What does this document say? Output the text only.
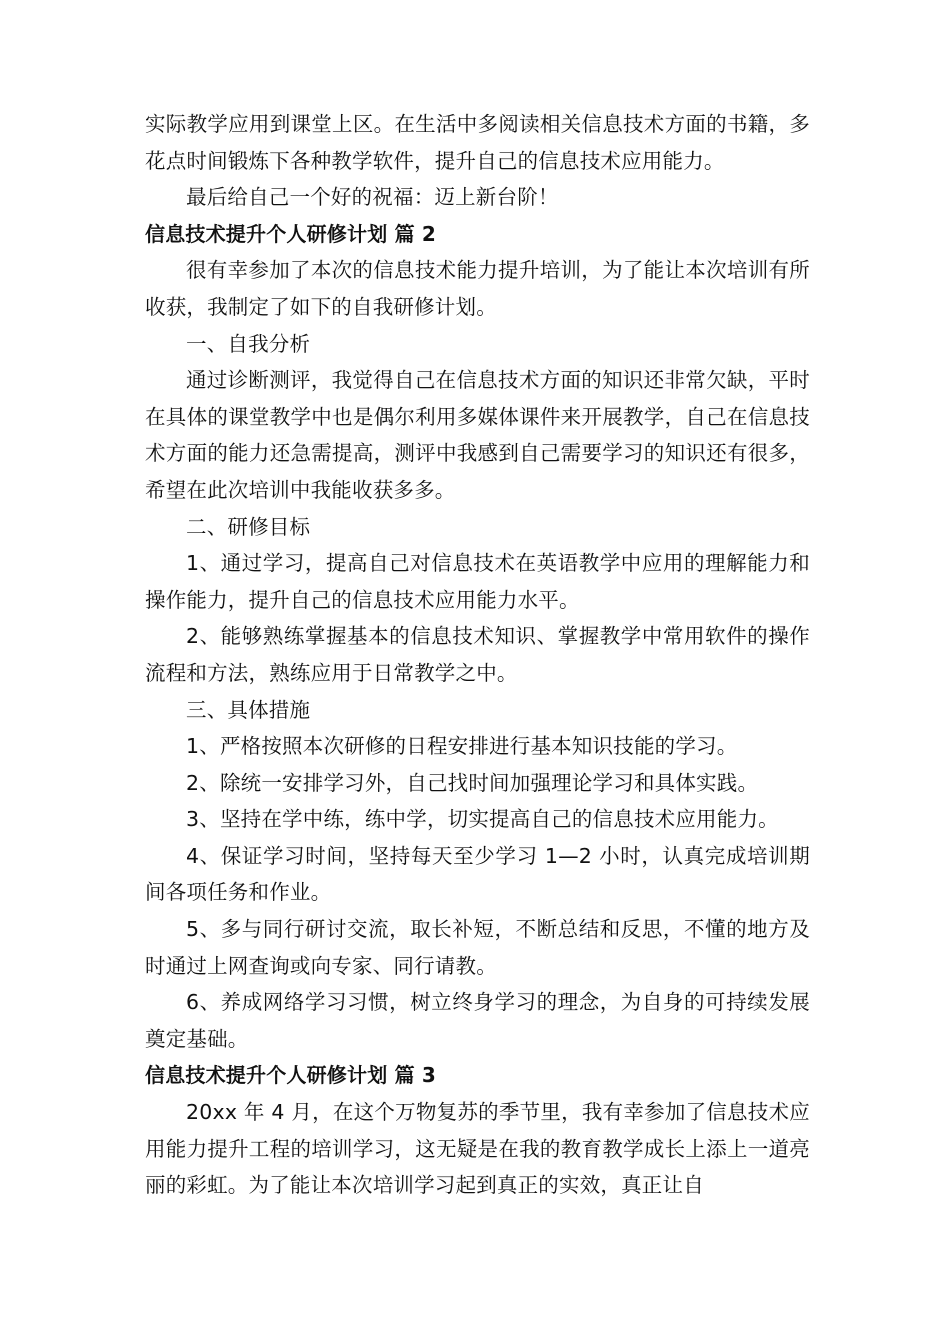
实际教学应用到课堂上区。在生活中多阅读相关信息技术方面的书籍，多花点时间锻炼下各种教学软件，提升自己的信息技术应用能力。

最后给自己一个好的祝福：迈上新台阶！

信息技术提升个人研修计划 篇 2

很有幸参加了本次的信息技术能力提升培训，为了能让本次培训有所收获，我制定了如下的自我研修计划。

一、自我分析

通过诊断测评，我觉得自己在信息技术方面的知识还非常欠缺，平时在具体的课堂教学中也是偶尔利用多媒体课件来开展教学，自己在信息技术方面的能力还急需提高，测评中我感到自己需要学习的知识还有很多，希望在此次培训中我能收获多多。

二、研修目标

1、通过学习，提高自己对信息技术在英语教学中应用的理解能力和操作能力，提升自己的信息技术应用能力水平。

2、能够熟练掌握基本的信息技术知识、掌握教学中常用软件的操作流程和方法，熟练应用于日常教学之中。

三、具体措施

1、严格按照本次研修的日程安排进行基本知识技能的学习。

2、除统一安排学习外，自己找时间加强理论学习和具体实践。

3、坚持在学中练，练中学，切实提高自己的信息技术应用能力。

4、保证学习时间，坚持每天至少学习 1—2 小时，认真完成培训期间各项任务和作业。

5、多与同行研讨交流，取长补短，不断总结和反思，不懂的地方及时通过上网查询或向专家、同行请教。

6、养成网络学习习惯，树立终身学习的理念，为自身的可持续发展奠定基础。

信息技术提升个人研修计划 篇 3

20xx 年 4 月，在这个万物复苏的季节里，我有幸参加了信息技术应用能力提升工程的培训学习，这无疑是在我的教育教学成长上添上一道亮丽的彩虹。为了能让本次培训学习起到真正的实效，真正让自
